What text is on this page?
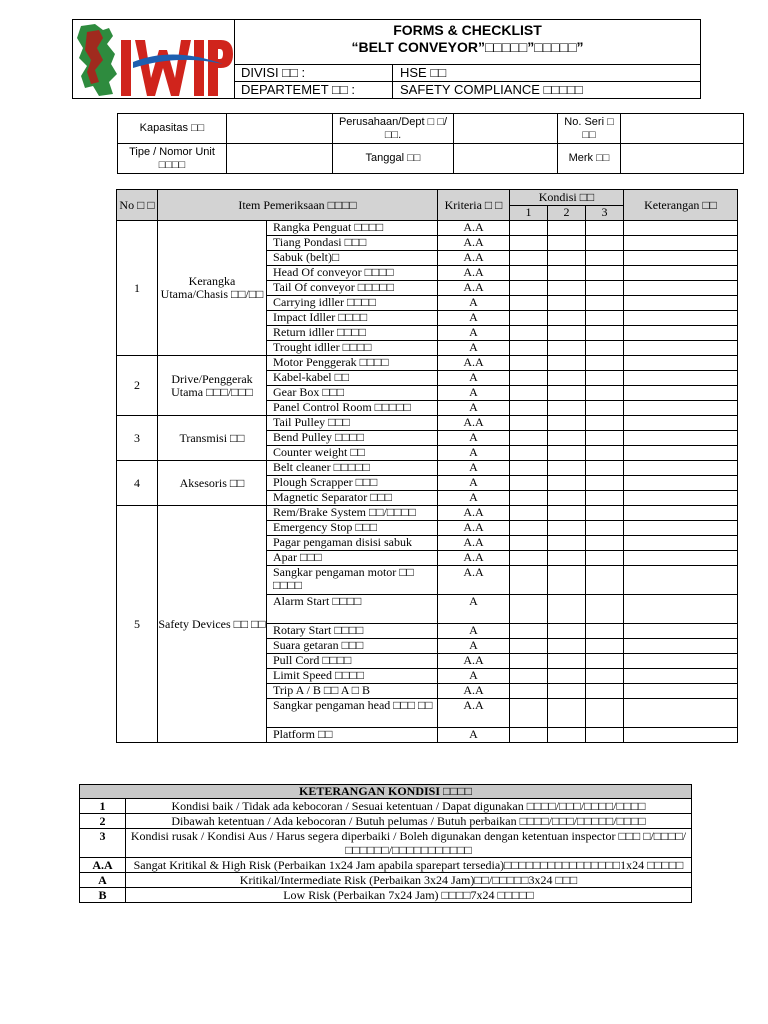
IWIP
FORMS & CHECKLIST
“BELT CONVEYOR”□□□□□”□□□□□”
DIVISI □□ :	HSE □□
DEPARTEMET □□ :	SAFETY COMPLIANCE □□□□□
Kapasitas □□		Perusahaan/Dept □ □/□□.		No. Seri □ □□	
Tipe / Nomor Unit □□□□		Tanggal □□		Merk □□	
No □ □	Item Pemeriksaan □□□□		Kriteria □ □	Kondisi □□			Keterangan □□
				1	2	3	
1	Kerangka Utama/Chasis □□/□□	Rangka Penguat □□□□	A.A				
		Tiang Pondasi □□□	A.A				
		Sabuk (belt)□	A.A				
		Head Of conveyor □□□□	A.A				
		Tail Of conveyor □□□□□	A.A				
		Carrying idller □□□□	A				
		Impact Idller □□□□	A				
		Return idller □□□□	A				
		Trought idller □□□□	A				
2	Drive/Penggerak Utama □□□/□□□	Motor Penggerak □□□□	A.A				
		Kabel-kabel □□	A				
		Gear Box □□□	A				
		Panel Control Room □□□□□	A				
3	Transmisi □□	Tail Pulley □□□	A.A				
		Bend Pulley □□□□	A				
		Counter weight □□	A				
4	Aksesoris □□	Belt cleaner □□□□□	A				
		Plough Scrapper □□□	A				
		Magnetic Separator □□□	A				
5	Safety Devices □□ □□	Rem/Brake System □□/□□□□	A.A				
		Emergency Stop □□□	A.A				
		Pagar pengaman disisi sabuk	A.A				
		Apar □□□	A.A				
		Sangkar pengaman motor □□ □□□□	A.A				
		Alarm Start □□□□	A				
		Rotary Start □□□□	A				
		Suara getaran □□□	A				
		Pull Cord □□□□	A.A				
		Limit Speed □□□□	A				
		Trip A / B □□ A □ B	A.A				
		Sangkar pengaman head □□□ □□	A.A				
		Platform □□	A				
KETERANGAN KONDISI □□□□	
1	Kondisi baik / Tidak ada kebocoran / Sesuai ketentuan / Dapat digunakan □□□□/□□□/□□□□/□□□□
2	Dibawah ketentuan / Ada kebocoran / Butuh pelumas / Butuh perbaikan □□□□/□□□/□□□□□/□□□□
3	Kondisi rusak / Kondisi Aus / Harus segera diperbaiki / Boleh digunakan dengan ketentuan inspector □□□ □/□□□□/□□□□□□/□□□□□□□□□□□
A.A	Sangat Kritikal & High Risk (Perbaikan 1x24 Jam apabila sparepart tersedia)□□□□□□□□□□□□□□□□1x24 □□□□□
A	Kritikal/Intermediate Risk (Perbaikan 3x24 Jam)□□/□□□□□3x24 □□□
B	Low Risk (Perbaikan 7x24 Jam) □□□□7x24 □□□□□
